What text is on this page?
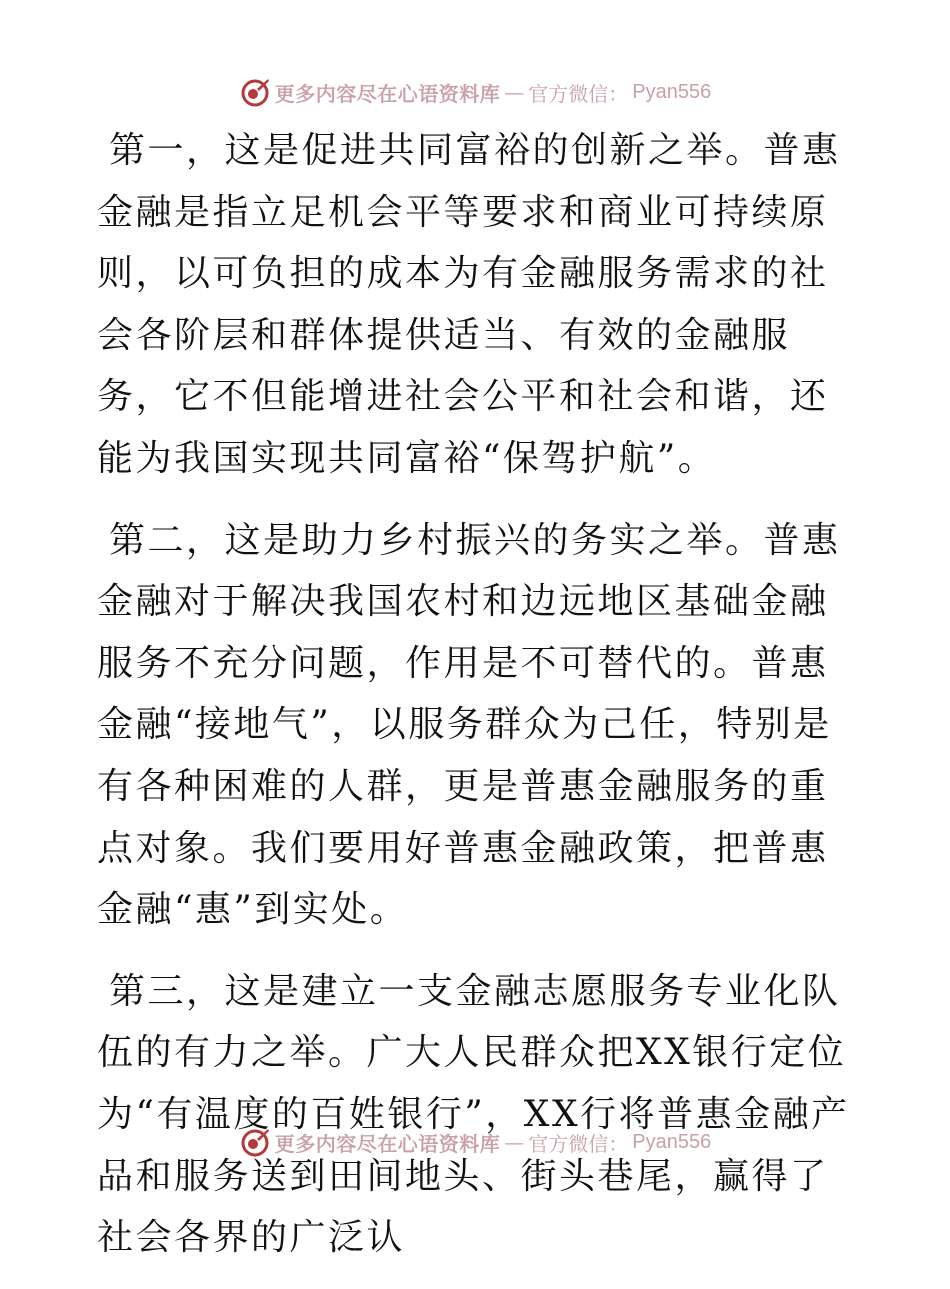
更多内容尽在心语资料库 — 官方微信： Pyan556

第一，这是促进共同富裕的创新之举。普惠金融是指立足机会平等要求和商业可持续原则，以可负担的成本为有金融服务需求的社会各阶层和群体提供适当、有效的金融服务，它不但能增进社会公平和社会和谐，还能为我国实现共同富裕“保驾护航”。

第二，这是助力乡村振兴的务实之举。普惠金融对于解决我国农村和边远地区基础金融服务不充分问题，作用是不可替代的。普惠金融“接地气”，以服务群众为己任，特别是有各种困难的人群，更是普惠金融服务的重点对象。我们要用好普惠金融政策，把普惠金融“惠”到实处。

第三，这是建立一支金融志愿服务专业化队伍的有力之举。广大人民群众把XX银行定位为“有温度的百姓银行”，XX行将普惠金融产品和服务送到田间地头、街头巷尾，赢得了社会各界的广泛认

更多内容尽在心语资料库 — 官方微信： Pyan556
